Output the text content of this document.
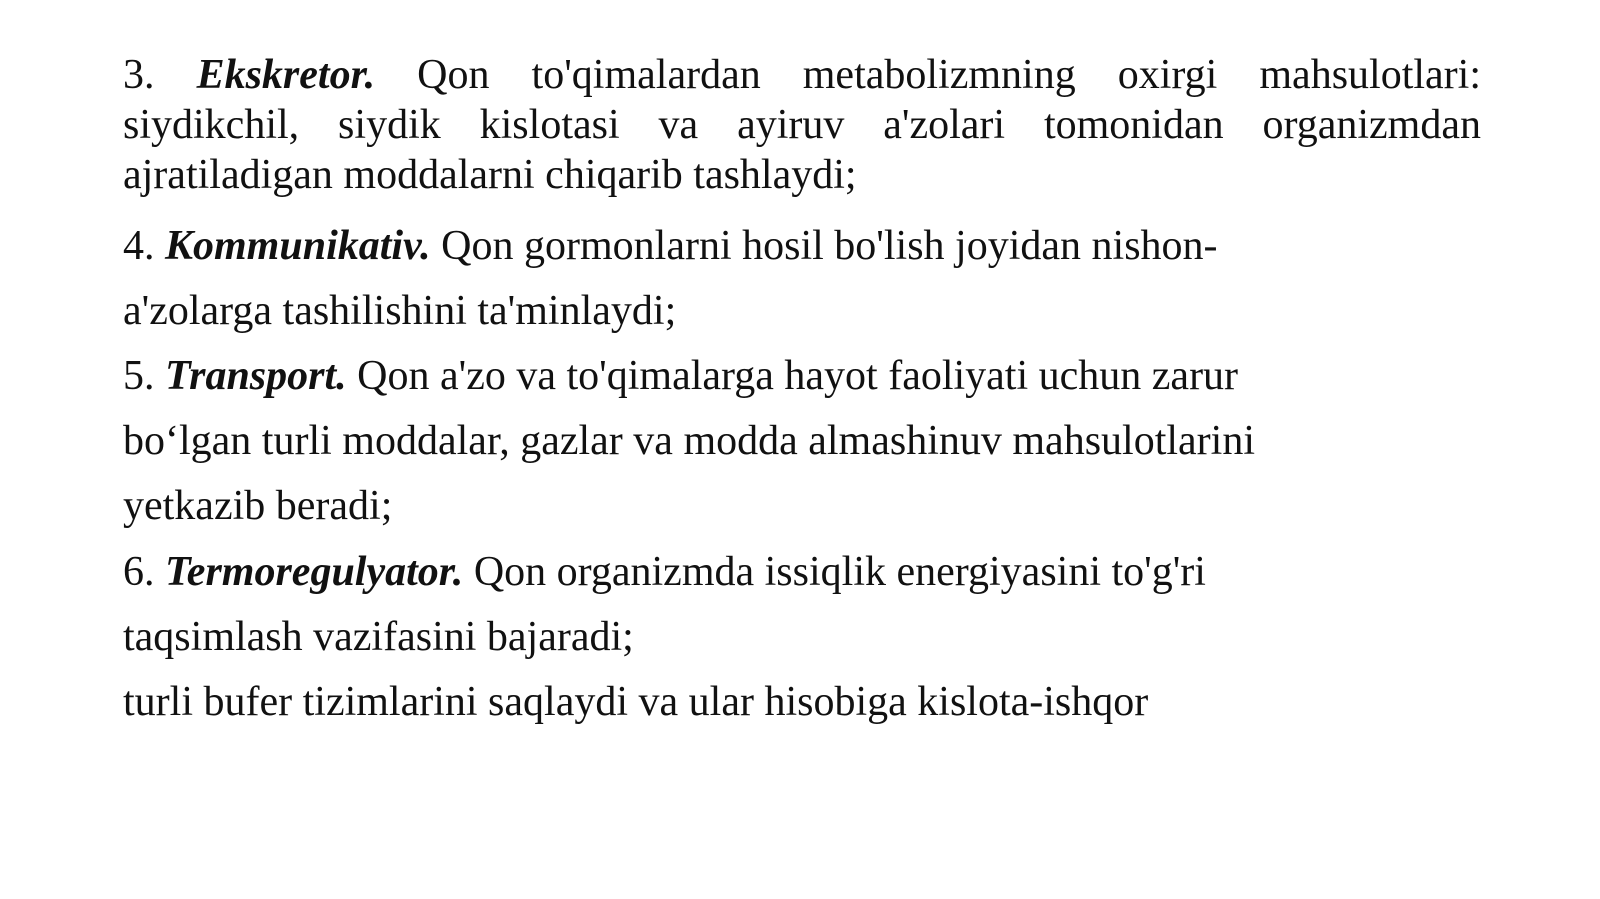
3. Ekskretor. Qon to'qimalardan metabolizmning oxirgi mahsulotlari:
siydikchil, siydik kislotasi va ayiruv a'zolari tomonidan organizmdan
ajratiladigan moddalarni chiqarib tashlaydi;
4. Kommunikativ. Qon gormonlarni hosil bo'lish joyidan nishon-
a'zolarga tashilishini ta'minlaydi;
5. Transport. Qon a'zo va to'qimalarga hayot faoliyati uchun zarur
bo‘lgan turli moddalar, gazlar va modda almashinuv mahsulotlarini
yetkazib beradi;
6. Termoregulyator. Qon organizmda issiqlik energiyasini to'g'ri
taqsimlash vazifasini bajaradi;
turli bufer tizimlarini saqlaydi va ular hisobiga kislota-ishqor
